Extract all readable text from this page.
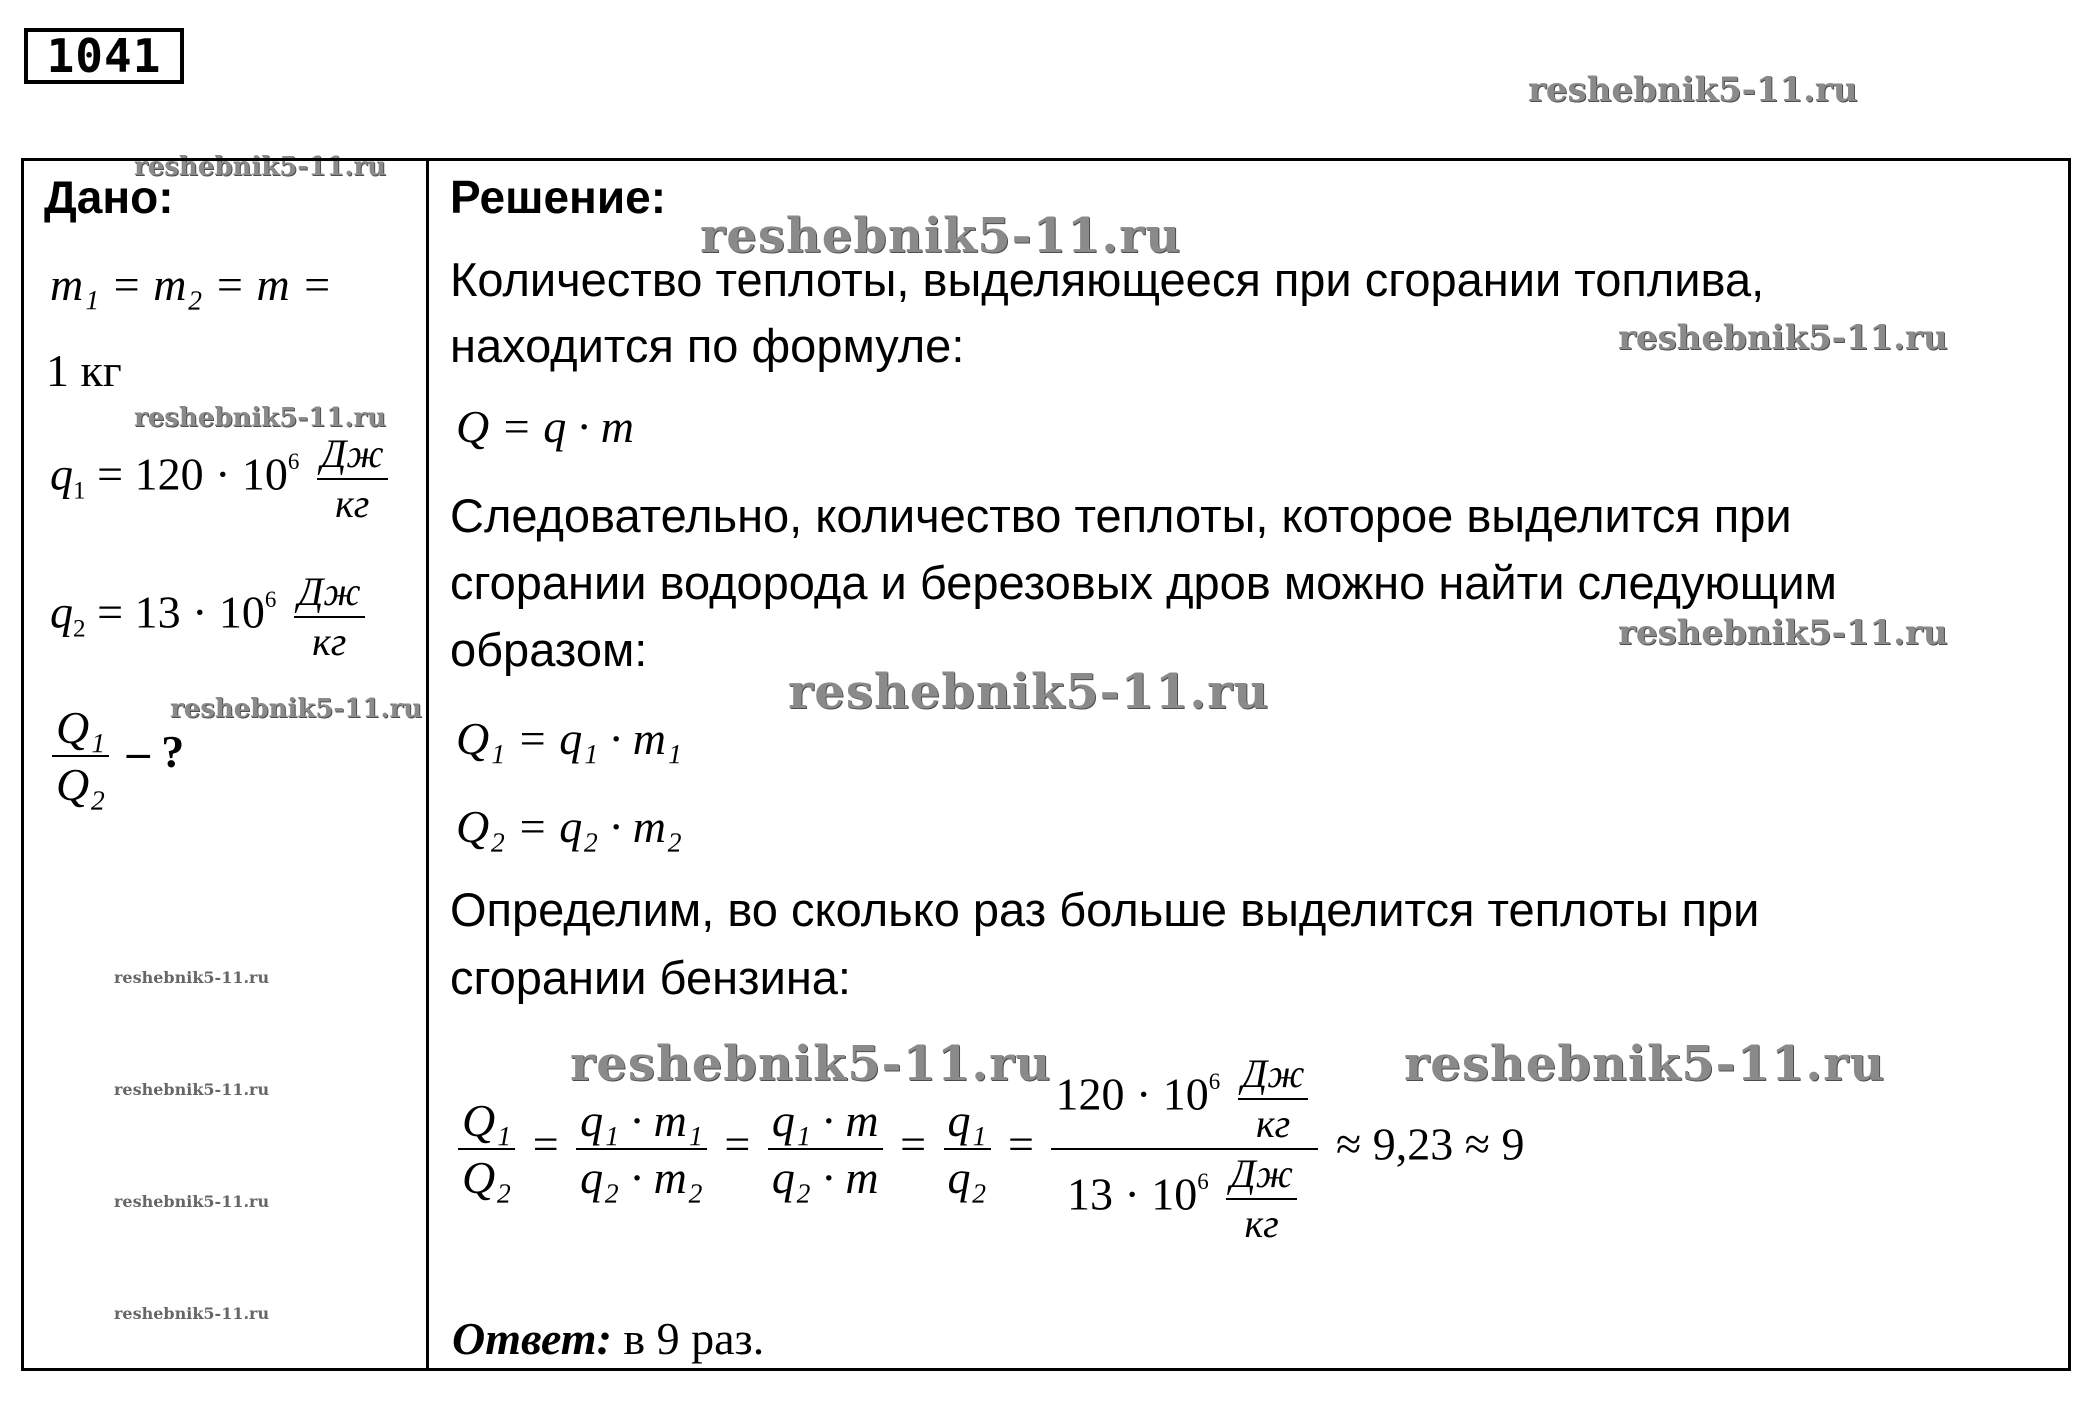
1041
reshebnik5-11.ru
reshebnik5-11.ru
reshebnik5-11.ru
reshebnik5-11.ru
reshebnik5-11.ru
reshebnik5-11.ru
reshebnik5-11.ru
reshebnik5-11.ru
reshebnik5-11.ru
reshebnik5-11.ru	reshebnik5-11.ru
reshebnik5-11.ru
reshebnik5-11.ru
reshebnik5-11.ru
Дано:
m₁ = m₂ = m =
1 кг
$q_1 = 120 \cdot 10^6 \frac{Дж}{кг}$
$q_2 = 13 \cdot 10^6 \frac{Дж}{кг}$
$\frac{\text{Q₁}}{\text{Q₂}}$ – ?
Решение:
Количество теплоты, выделяющееся при сгорании топлива,
находится по формуле:
Q = q · m
Следовательно, количество теплоты, которое выделится при
сгорании водорода и березовых дров можно найти следующим
образом:
Q₁ = q₁ · m₁
Q₂ = q₂ · m₂
Определим, во сколько раз больше выделится теплоты при
сгорании бензина:
$\frac{\text{Q₁}}{\text{Q₂}} = \frac{\text{q₁ · m₁}}{\text{q₂ · m₂}} = \frac{\text{q₁ · m}}{\text{q₂ · m}} = \frac{\text{q₁}}{\text{q₂}} = \frac{120 \cdot 10^6 \frac{Дж}{кг}}{13 \cdot 10^6 \frac{Дж}{кг}} \approx 9,23 \approx 9$
Ответ: в 9 раз.
